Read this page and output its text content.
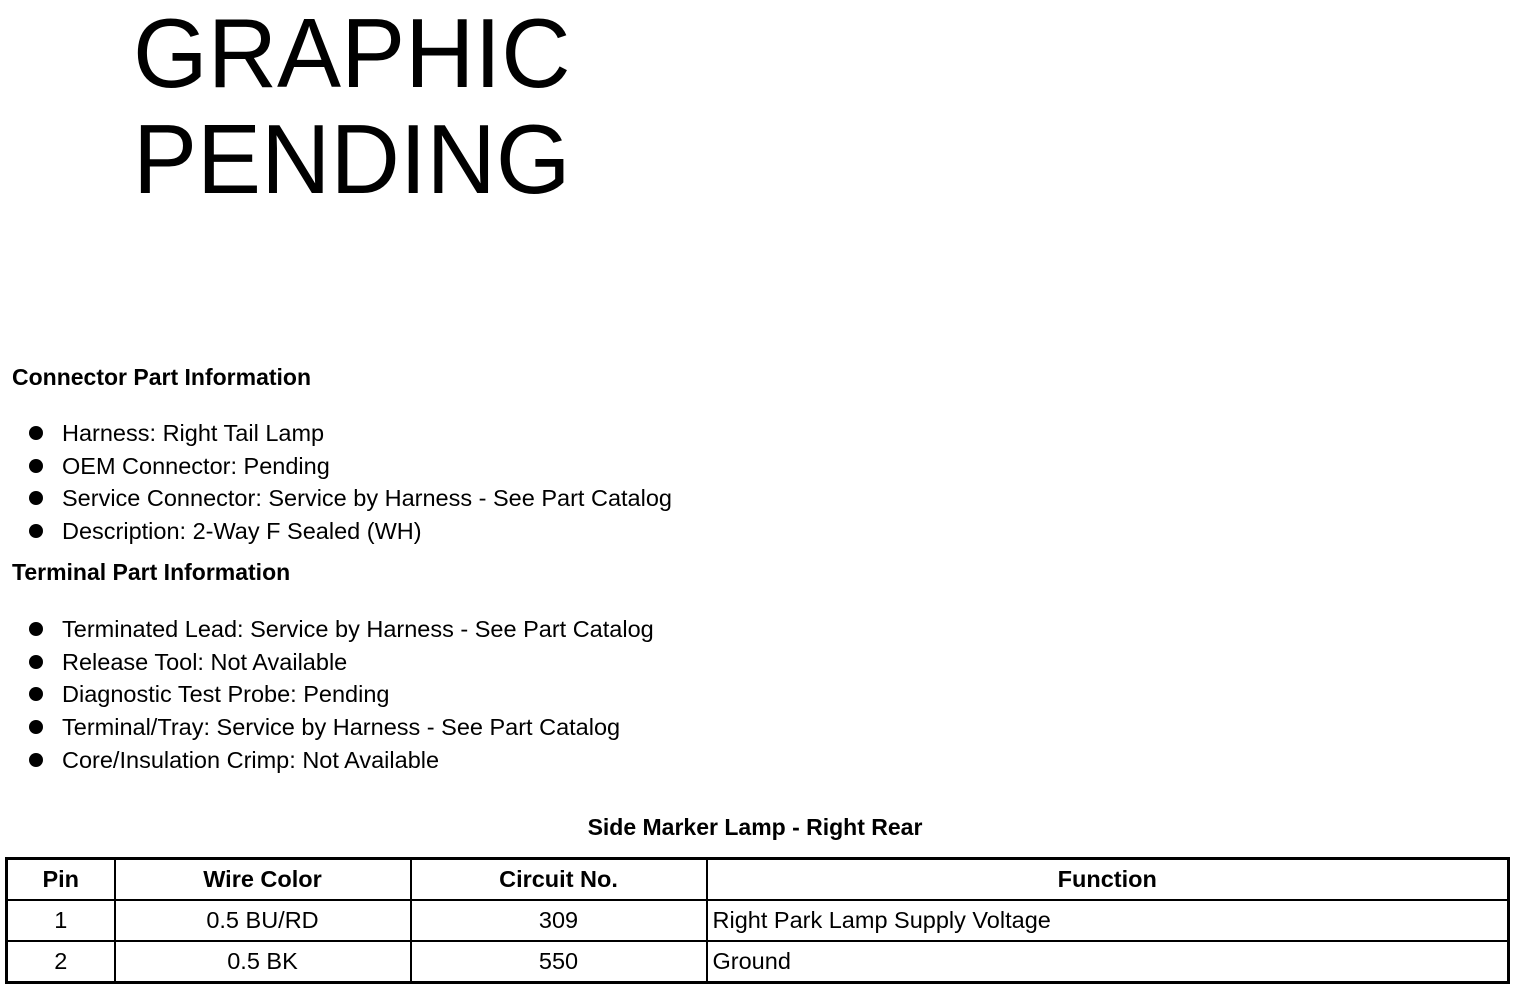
GRAPHIC
PENDING
Connector Part Information
Harness: Right Tail Lamp
OEM Connector: Pending
Service Connector: Service by Harness - See Part Catalog
Description: 2-Way F Sealed (WH)
Terminal Part Information
Terminated Lead: Service by Harness - See Part Catalog
Release Tool: Not Available
Diagnostic Test Probe: Pending
Terminal/Tray: Service by Harness - See Part Catalog
Core/Insulation Crimp: Not Available
Side Marker Lamp - Right Rear
Pin	Wire Color	Circuit No.	Function
1	0.5 BU/RD	309	Right Park Lamp Supply Voltage
2	0.5 BK	550	Ground
